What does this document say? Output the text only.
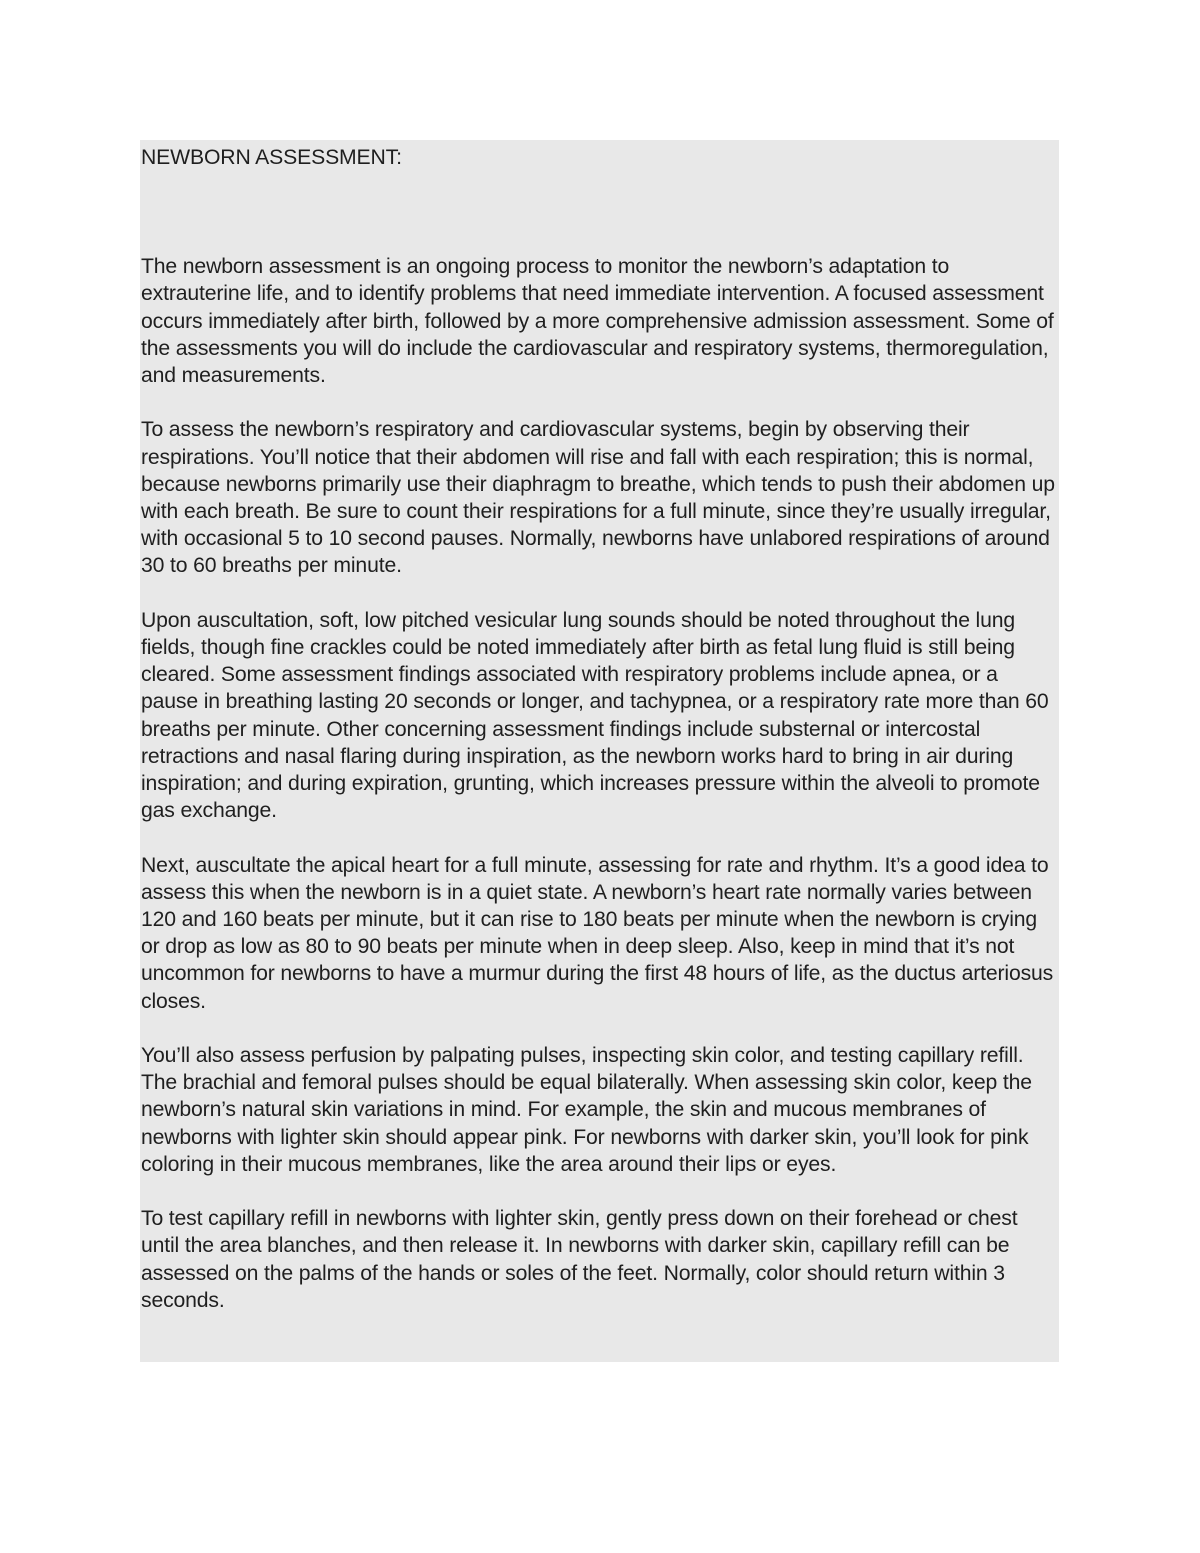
NEWBORN ASSESSMENT:

The newborn assessment is an ongoing process to monitor the newborn’s adaptation to extrauterine life, and to identify problems that need immediate intervention. A focused assessment occurs immediately after birth, followed by a more comprehensive admission assessment. Some of the assessments you will do include the cardiovascular and respiratory systems, thermoregulation, and measurements.

To assess the newborn’s respiratory and cardiovascular systems, begin by observing their respirations. You’ll notice that their abdomen will rise and fall with each respiration; this is normal, because newborns primarily use their diaphragm to breathe, which tends to push their abdomen up with each breath. Be sure to count their respirations for a full minute, since they’re usually irregular, with occasional 5 to 10 second pauses. Normally, newborns have unlabored respirations of around 30 to 60 breaths per minute.

Upon auscultation, soft, low pitched vesicular lung sounds should be noted throughout the lung fields, though fine crackles could be noted immediately after birth as fetal lung fluid is still being cleared. Some assessment findings associated with respiratory problems include apnea, or a pause in breathing lasting 20 seconds or longer, and tachypnea, or a respiratory rate more than 60 breaths per minute. Other concerning assessment findings include substernal or intercostal retractions and nasal flaring during inspiration, as the newborn works hard to bring in air during inspiration; and during expiration, grunting, which increases pressure within the alveoli to promote gas exchange.

Next, auscultate the apical heart for a full minute, assessing for rate and rhythm. It’s a good idea to assess this when the newborn is in a quiet state. A newborn’s heart rate normally varies between 120 and 160 beats per minute, but it can rise to 180 beats per minute when the newborn is crying or drop as low as 80 to 90 beats per minute when in deep sleep. Also, keep in mind that it’s not uncommon for newborns to have a murmur during the first 48 hours of life, as the ductus arteriosus closes.

You’ll also assess perfusion by palpating pulses, inspecting skin color, and testing capillary refill. The brachial and femoral pulses should be equal bilaterally. When assessing skin color, keep the newborn’s natural skin variations in mind. For example, the skin and mucous membranes of newborns with lighter skin should appear pink. For newborns with darker skin, you’ll look for pink coloring in their mucous membranes, like the area around their lips or eyes.

To test capillary refill in newborns with lighter skin, gently press down on their forehead or chest until the area blanches, and then release it. In newborns with darker skin, capillary refill can be assessed on the palms of the hands or soles of the feet. Normally, color should return within 3 seconds.
